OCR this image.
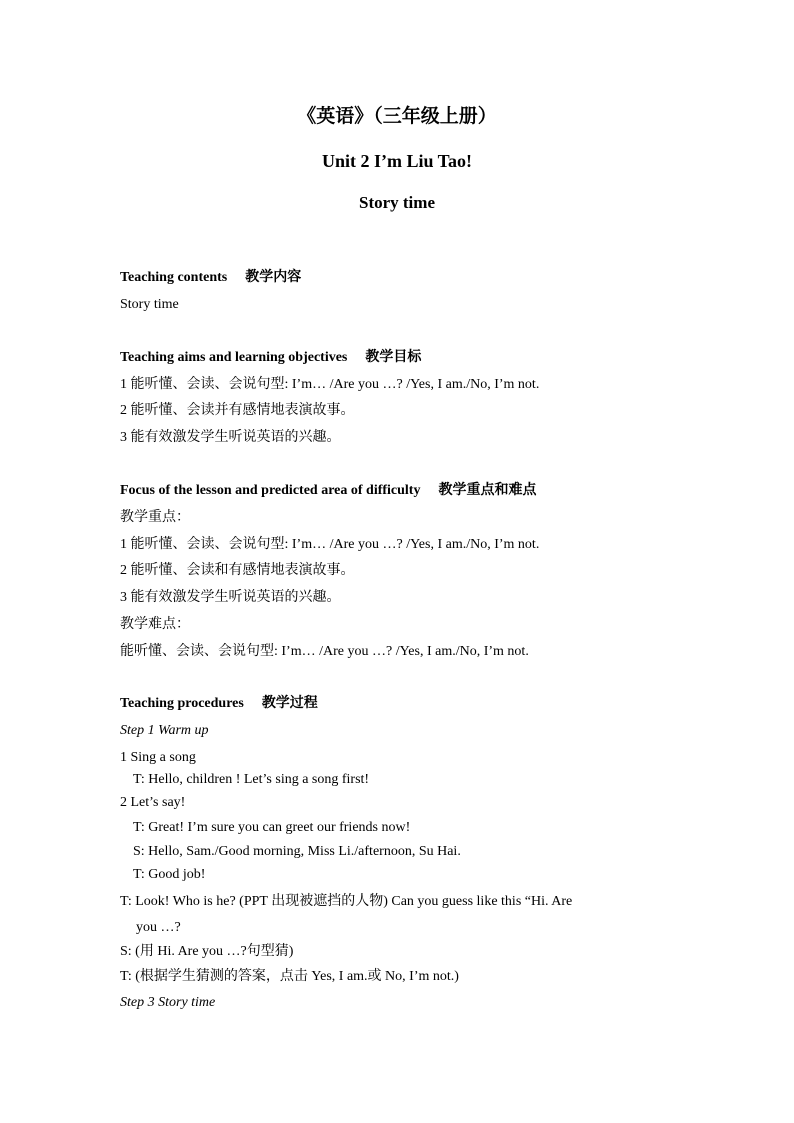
《英语》（三年级上册）

Unit 2 I’m Liu Tao!

Story time

Teaching contents 教学内容

Story time

Teaching aims and learning objectives 教学目标

1 能听懂、会读、会说句型: I’m… /Are you …? /Yes, I am./No, I’m not.

2 能听懂、会读并有感情地表演故事。

3 能有效激发学生听说英语的兴趣。

Focus of the lesson and predicted area of difficulty 教学重点和难点

教学重点：

1 能听懂、会读、会说句型: I’m… /Are you …? /Yes, I am./No, I’m not.

2 能听懂、会读和有感情地表演故事。

3 能有效激发学生听说英语的兴趣。

教学难点：

能听懂、会读、会说句型: I’m… /Are you …? /Yes, I am./No, I’m not.

Teaching procedures 教学过程

Step 1 Warm up

1 Sing a song

T: Hello, children ! Let’s sing a song first!

2 Let’s say!

T: Great! I’m sure you can greet our friends now!

S: Hello, Sam./Good morning, Miss Li./afternoon, Su Hai.

T: Good job!

T: Look! Who is he? (PPT 出现被遮挡的人物) Can you guess like this “Hi. Are

you …?

S: (用 Hi. Are you …?句型猜)

T: (根据学生猜测的答案，点击 Yes, I am.或 No, I’m not.)

Step 3 Story time
